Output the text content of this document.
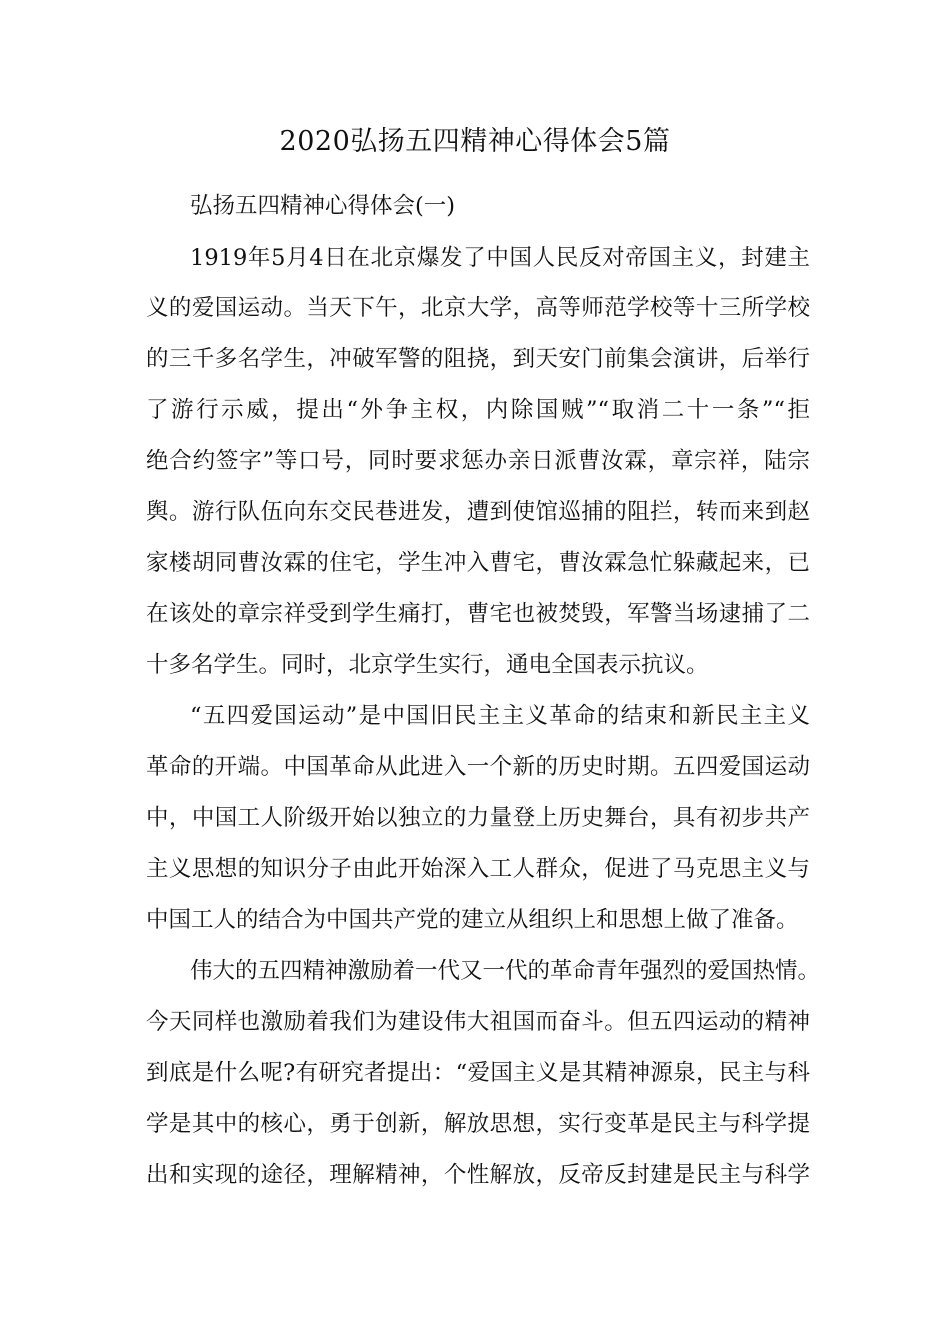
2020弘扬五四精神心得体会5篇
弘扬五四精神心得体会(一)
1919年5月4日在北京爆发了中国人民反对帝国主义，封建主
义的爱国运动。当天下午，北京大学，高等师范学校等十三所学校
的三千多名学生，冲破军警的阻挠，到天安门前集会演讲，后举行
了游行示威，提出“外争主权，内除国贼”“取消二十一条”“拒
绝合约签字”等口号，同时要求惩办亲日派曹汝霖，章宗祥，陆宗
舆。游行队伍向东交民巷进发，遭到使馆巡捕的阻拦，转而来到赵
家楼胡同曹汝霖的住宅，学生冲入曹宅，曹汝霖急忙躲藏起来，已
在该处的章宗祥受到学生痛打，曹宅也被焚毁，军警当场逮捕了二
十多名学生。同时，北京学生实行，通电全国表示抗议。
“五四爱国运动”是中国旧民主主义革命的结束和新民主主义
革命的开端。中国革命从此进入一个新的历史时期。五四爱国运动
中，中国工人阶级开始以独立的力量登上历史舞台，具有初步共产
主义思想的知识分子由此开始深入工人群众，促进了马克思主义与
中国工人的结合为中国共产党的建立从组织上和思想上做了准备。
伟大的五四精神激励着一代又一代的革命青年强烈的爱国热情。
今天同样也激励着我们为建设伟大祖国而奋斗。但五四运动的精神
到底是什么呢?有研究者提出：“爱国主义是其精神源泉，民主与科
学是其中的核心，勇于创新，解放思想，实行变革是民主与科学提
出和实现的途径，理解精神，个性解放，反帝反封建是民主与科学
